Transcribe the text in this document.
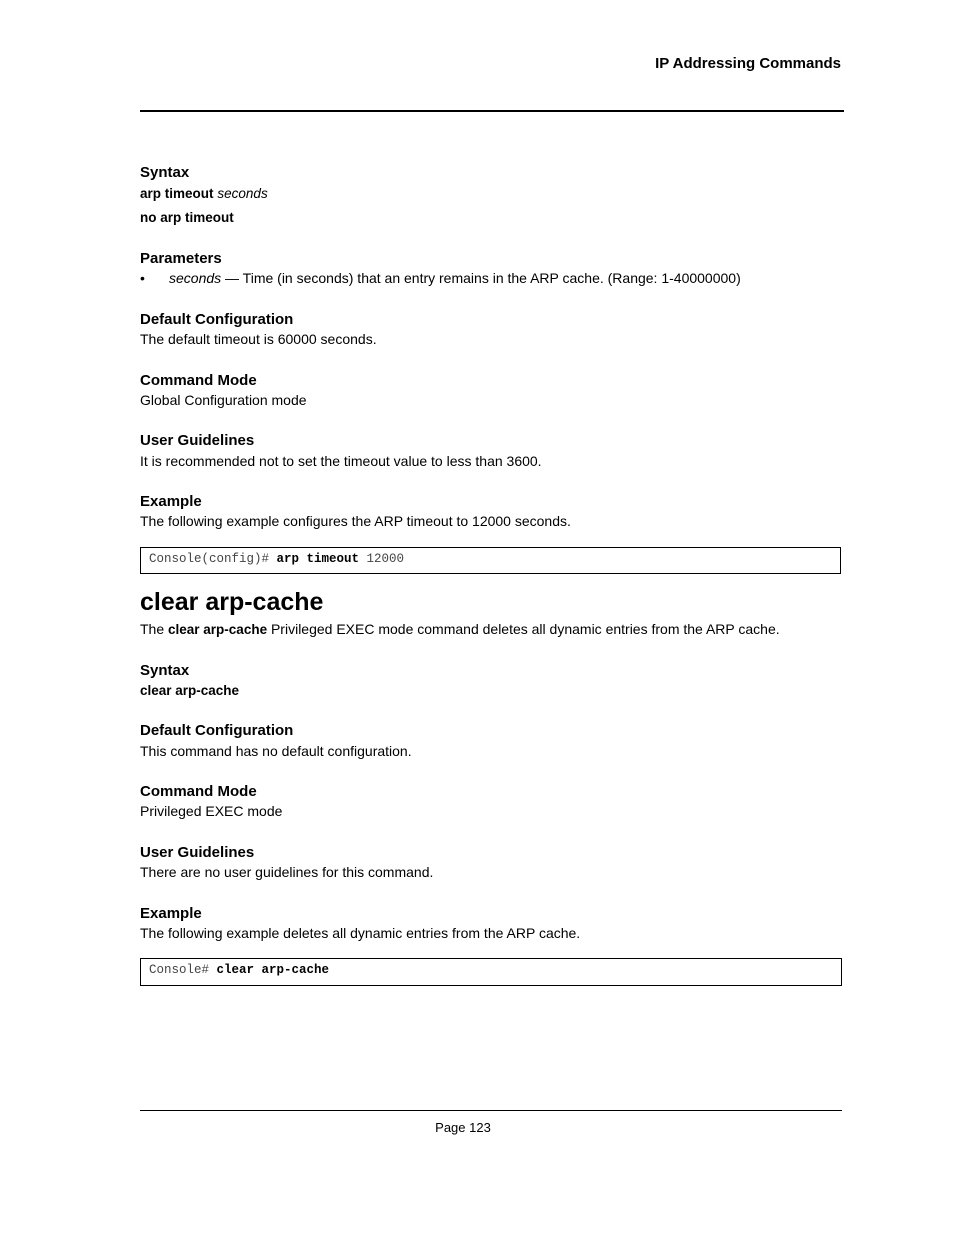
IP Addressing Commands
Syntax
arp timeout seconds
no arp timeout
Parameters
• seconds — Time (in seconds) that an entry remains in the ARP cache. (Range: 1-40000000)
Default Configuration
The default timeout is 60000 seconds.
Command Mode
Global Configuration mode
User Guidelines
It is recommended not to set the timeout value to less than 3600.
Example
The following example configures the ARP timeout to 12000 seconds.
Console(config)# arp timeout 12000
clear arp-cache
The clear arp-cache Privileged EXEC mode command deletes all dynamic entries from the ARP cache.
Syntax
clear arp-cache
Default Configuration
This command has no default configuration.
Command Mode
Privileged EXEC mode
User Guidelines
There are no user guidelines for this command.
Example
The following example deletes all dynamic entries from the ARP cache.
Console# clear arp-cache
Page 123
